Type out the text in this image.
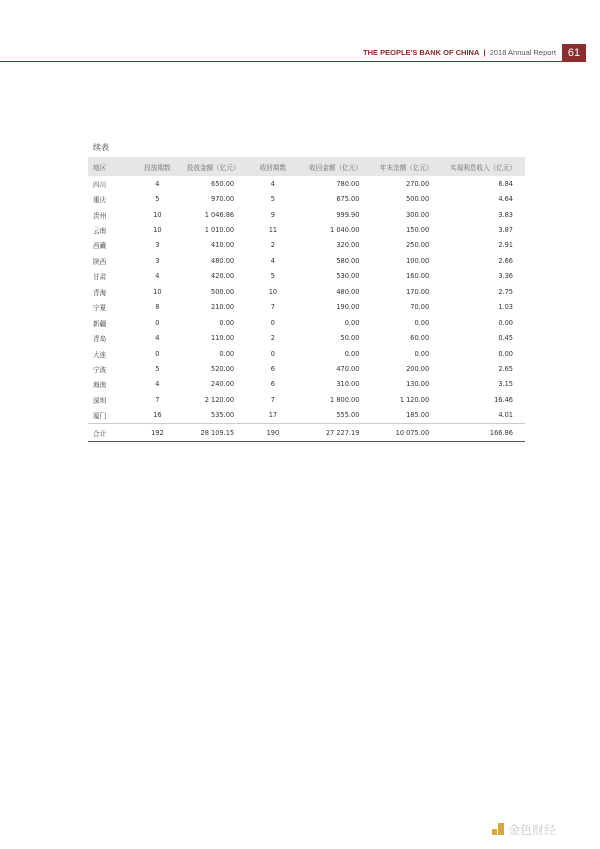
THE PEOPLE'S BANK OF CHINA | 2018 Annual Report	61
续表
地区	投放期数	投放金额（亿元）	收回期数	收回金额（亿元）	年末余额（亿元）	实现利息收入（亿元）
四川	4	650.00	4	780.00	270.00	6.84
重庆	5	970.00	5	675.00	500.00	4.64
贵州	10	1 046.86	9	999.90	300.00	3.83
云南	10	1 010.00	11	1 040.00	150.00	3.87
西藏	3	410.00	2	320.00	250.00	2.91
陕西	3	480.00	4	580.00	100.00	2.66
甘肃	4	420.00	5	530.00	160.00	3.36
青海	10	500.00	10	480.00	170.00	2.75
宁夏	8	210.00	7	190.00	70.00	1.03
新疆	0	0.00	0	0.00	0.00	0.00
青岛	4	110.00	2	50.00	60.00	0.45
大连	0	0.00	0	0.00	0.00	0.00
宁波	5	520.00	6	470.00	200.00	2.65
海南	4	240.00	6	310.00	130.00	3.15
深圳	7	2 120.00	7	1 800.00	1 120.00	16.46
厦门	16	535.00	17	555.00	185.00	4.01
合计	192	28 109.15	190	27 227.19	10 075.00	166.86
金色财经
